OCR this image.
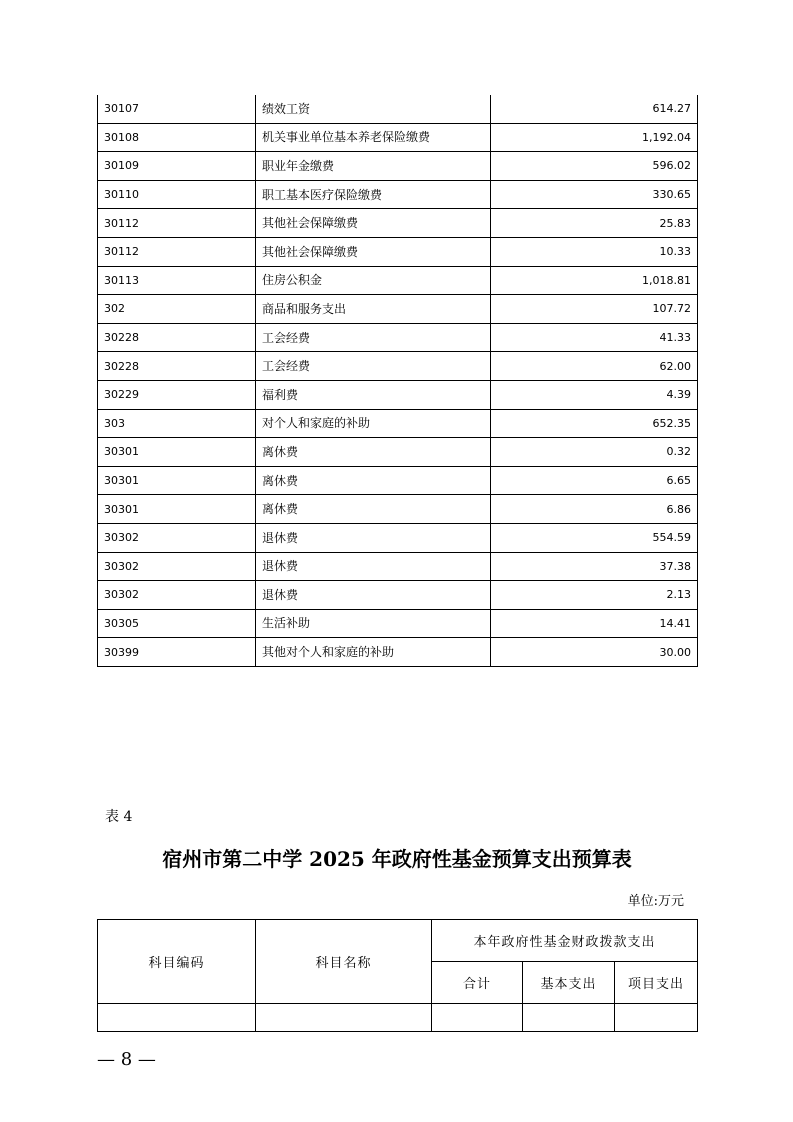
30107	绩效工资	614.27
30108	机关事业单位基本养老保险缴费	1,192.04
30109	职业年金缴费	596.02
30110	职工基本医疗保险缴费	330.65
30112	其他社会保障缴费	25.83
30112	其他社会保障缴费	10.33
30113	住房公积金	1,018.81
302	商品和服务支出	107.72
30228	工会经费	41.33
30228	工会经费	62.00
30229	福利费	4.39
303	对个人和家庭的补助	652.35
30301	离休费	0.32
30301	离休费	6.65
30301	离休费	6.86
30302	退休费	554.59
30302	退休费	37.38
30302	退休费	2.13
30305	生活补助	14.41
30399	其他对个人和家庭的补助	30.00
表 4
宿州市第二中学 2025 年政府性基金预算支出预算表
单位:万元
科目编码	科目名称	本年政府性基金财政拨款支出		
		合计	基本支出	项目支出

— 8 —
